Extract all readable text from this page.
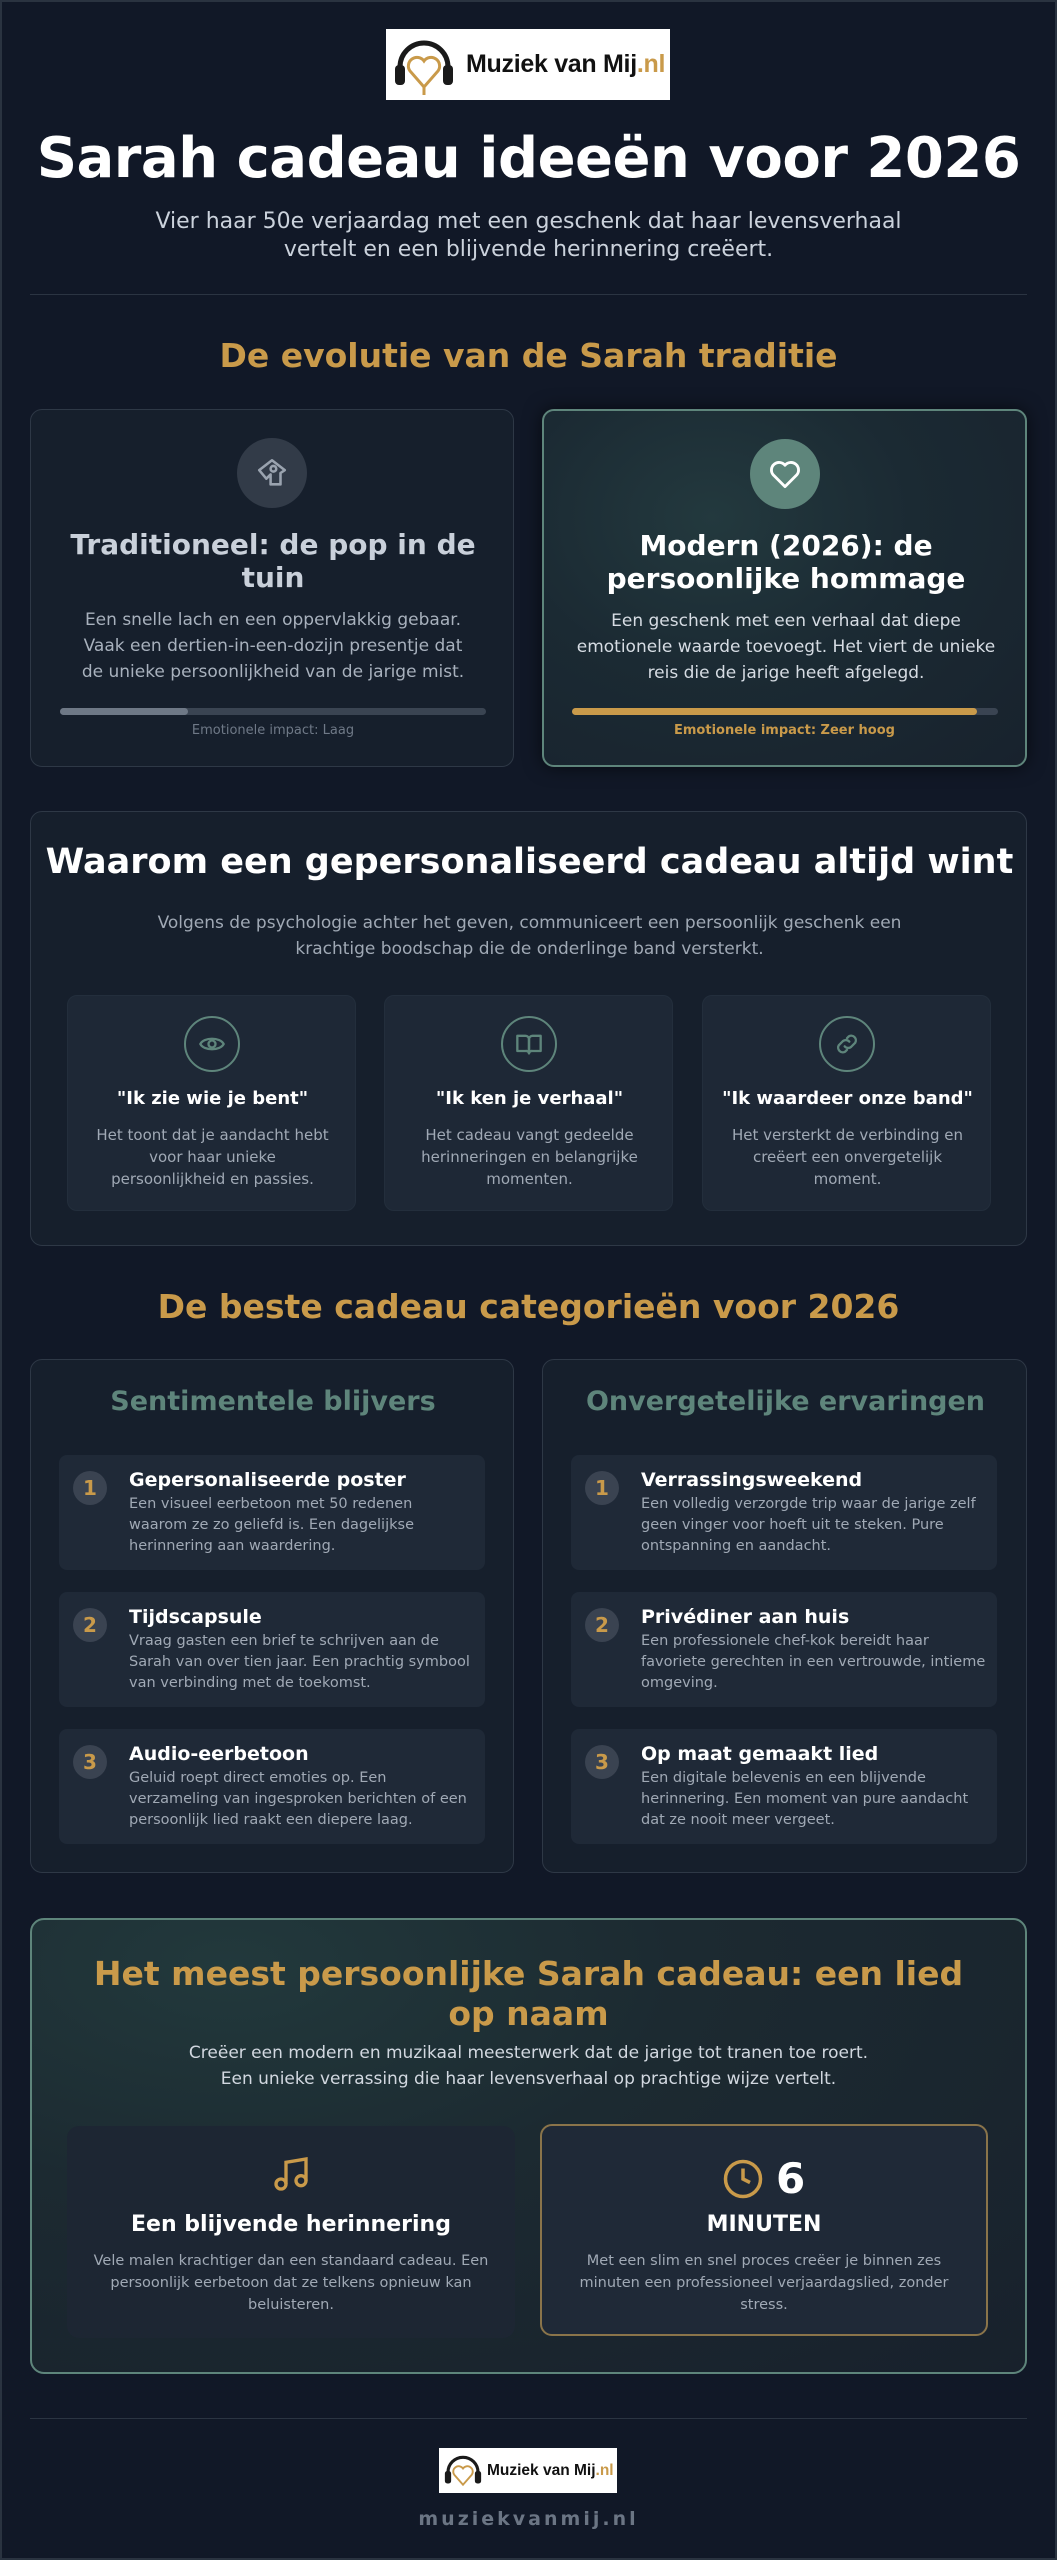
Muziek van Mij.nl
Sarah cadeau ideeën voor 2026
Vier haar 50e verjaardag met een geschenk dat haar levensverhaal vertelt en een blijvende herinnering creëert.
De evolutie van de Sarah traditie
Traditioneel: de pop in de tuin
Een snelle lach en een oppervlakkig gebaar. Vaak een dertien-in-een-dozijn presentje dat de unieke persoonlijkheid van de jarige mist.
Emotionele impact: Laag
Modern (2026): de persoonlijke hommage
Een geschenk met een verhaal dat diepe emotionele waarde toevoegt. Het viert de unieke reis die de jarige heeft afgelegd.
Emotionele impact: Zeer hoog
Waarom een gepersonaliseerd cadeau altijd wint
Volgens de psychologie achter het geven, communiceert een persoonlijk geschenk een krachtige boodschap die de onderlinge band versterkt.
"Ik zie wie je bent"
Het toont dat je aandacht hebt voor haar unieke persoonlijkheid en passies.
"Ik ken je verhaal"
Het cadeau vangt gedeelde herinneringen en belangrijke momenten.
"Ik waardeer onze band"
Het versterkt de verbinding en creëert een onvergetelijk moment.
De beste cadeau categorieën voor 2026
Sentimentele blijvers
1	Gepersonaliseerde poster
Een visueel eerbetoon met 50 redenen waarom ze zo geliefd is. Een dagelijkse herinnering aan waardering.
2	Tijdscapsule
Vraag gasten een brief te schrijven aan de Sarah van over tien jaar. Een prachtig symbool van verbinding met de toekomst.
3	Audio-eerbetoon
Geluid roept direct emoties op. Een verzameling van ingesproken berichten of een persoonlijk lied raakt een diepere laag.
Onvergetelijke ervaringen
1	Verrassingsweekend
Een volledig verzorgde trip waar de jarige zelf geen vinger voor hoeft uit te steken. Pure ontspanning en aandacht.
2	Privédiner aan huis
Een professionele chef-kok bereidt haar favoriete gerechten in een vertrouwde, intieme omgeving.
3	Op maat gemaakt lied
Een digitale belevenis en een blijvende herinnering. Een moment van pure aandacht dat ze nooit meer vergeet.
Het meest persoonlijke Sarah cadeau: een lied op naam
Creëer een modern en muzikaal meesterwerk dat de jarige tot tranen toe roert. Een unieke verrassing die haar levensverhaal op prachtige wijze vertelt.
Een blijvende herinnering
Vele malen krachtiger dan een standaard cadeau. Een persoonlijk eerbetoon dat ze telkens opnieuw kan beluisteren.
6
MINUTEN
Met een slim en snel proces creëer je binnen zes minuten een professioneel verjaardagslied, zonder stress.
Muziek van Mij.nl
muziekvanmij.nl
